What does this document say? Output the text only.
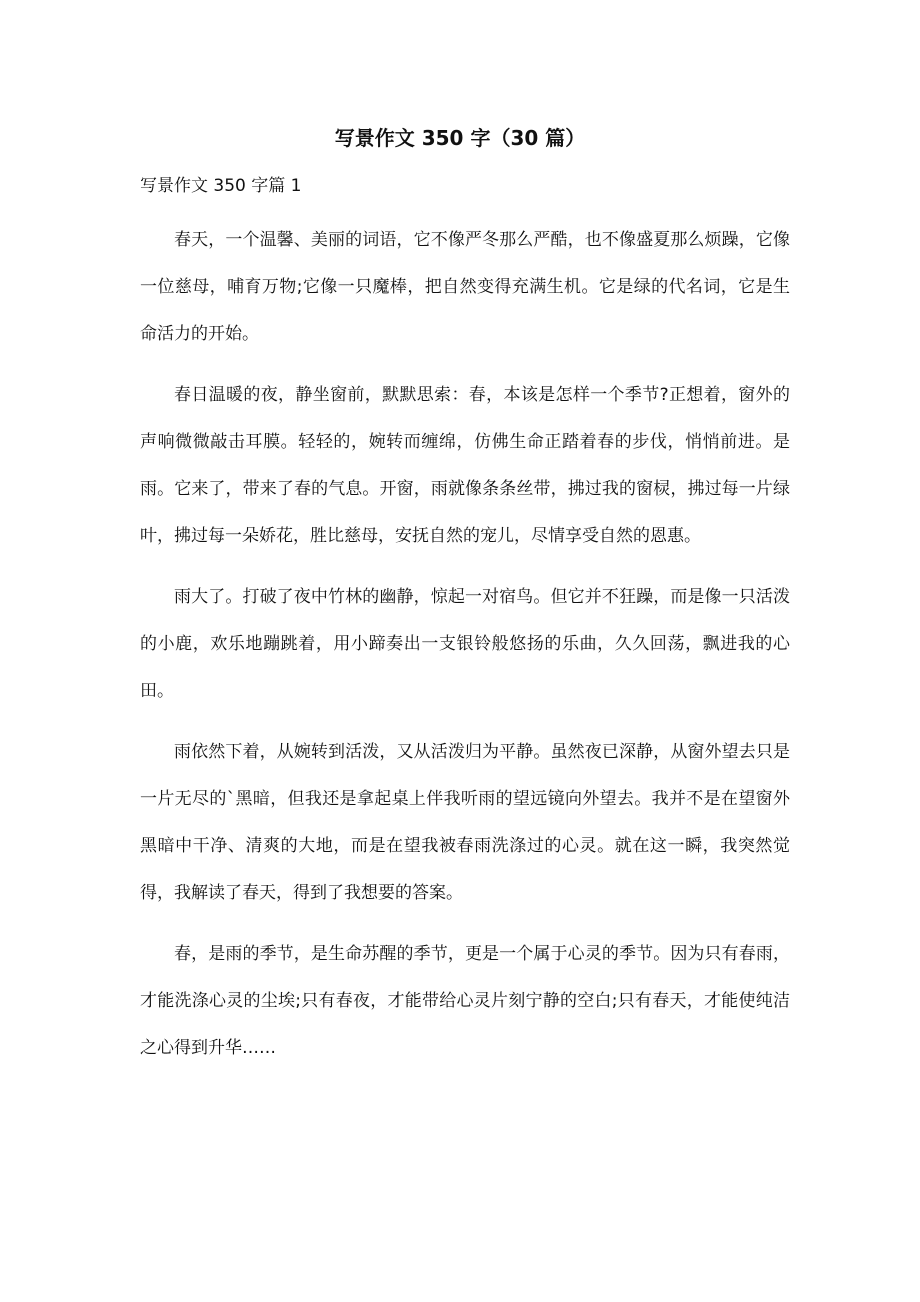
写景作文 350 字（30 篇）

写景作文 350 字篇 1

春天，一个温馨、美丽的词语，它不像严冬那么严酷，也不像盛夏那么烦躁，它像一位慈母，哺育万物;它像一只魔棒，把自然变得充满生机。它是绿的代名词，它是生命活力的开始。

春日温暖的夜，静坐窗前，默默思索：春，本该是怎样一个季节?正想着，窗外的声响微微敲击耳膜。轻轻的，婉转而缠绵，仿佛生命正踏着春的步伐，悄悄前进。是雨。它来了，带来了春的气息。开窗，雨就像条条丝带，拂过我的窗棂，拂过每一片绿叶，拂过每一朵娇花，胜比慈母，安抚自然的宠儿，尽情享受自然的恩惠。

雨大了。打破了夜中竹林的幽静，惊起一对宿鸟。但它并不狂躁，而是像一只活泼的小鹿，欢乐地蹦跳着，用小蹄奏出一支银铃般悠扬的乐曲，久久回荡，飘进我的心田。

雨依然下着，从婉转到活泼，又从活泼归为平静。虽然夜已深静，从窗外望去只是一片无尽的`黑暗，但我还是拿起桌上伴我听雨的望远镜向外望去。我并不是在望窗外黑暗中干净、清爽的大地，而是在望我被春雨洗涤过的心灵。就在这一瞬，我突然觉得，我解读了春天，得到了我想要的答案。

春，是雨的季节，是生命苏醒的季节，更是一个属于心灵的季节。因为只有春雨，才能洗涤心灵的尘埃;只有春夜，才能带给心灵片刻宁静的空白;只有春天，才能使纯洁之心得到升华……
